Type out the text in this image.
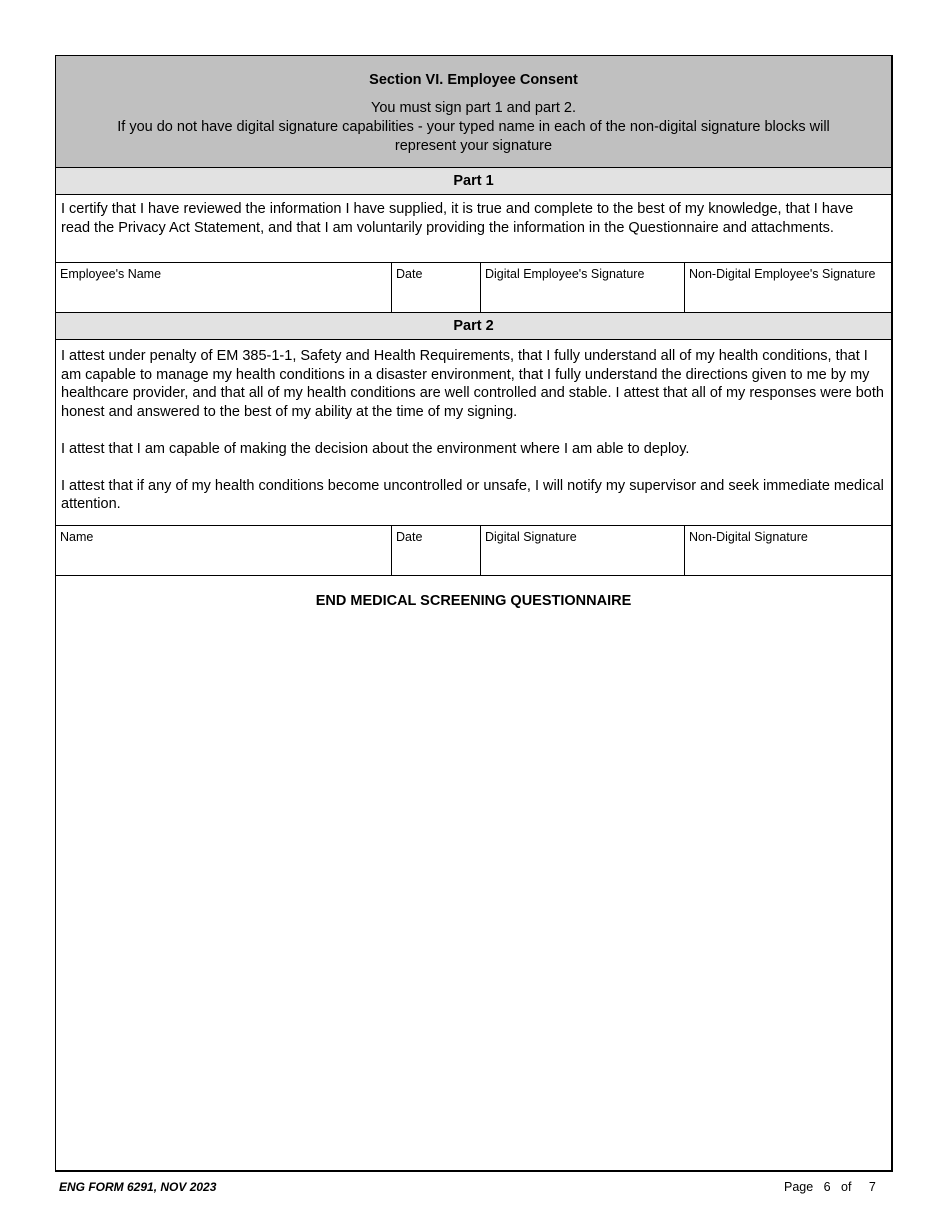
Section VI. Employee Consent
You must sign part 1 and part 2.
If you do not have digital signature capabilities - your typed name in each of the non-digital signature blocks will represent your signature
Part 1

I certify that I have reviewed the information I have supplied, it is true and complete to the best of my knowledge, that I have read the Privacy Act Statement, and that I am voluntarily providing the information in the Questionnaire and attachments.

Employee's Name	Date	Digital Employee's Signature	Non-Digital Employee's Signature
Part 2

I attest under penalty of EM 385-1-1, Safety and Health Requirements, that I fully understand all of my health conditions, that I am capable to manage my health conditions in a disaster environment, that I fully understand the directions given to me by my healthcare provider, and that all of my health conditions are well controlled and stable. I attest that all of my responses were both honest and answered to the best of my ability at the time of my signing.

I attest that I am capable of making the decision about the environment where I am able to deploy.

I attest that if any of my health conditions become uncontrolled or unsafe, I will notify my supervisor and seek immediate medical attention.

Name	Date	Digital Signature	Non-Digital Signature
END MEDICAL SCREENING QUESTIONNAIRE
ENG FORM 6291, NOV 2023	Page 6 of 7
